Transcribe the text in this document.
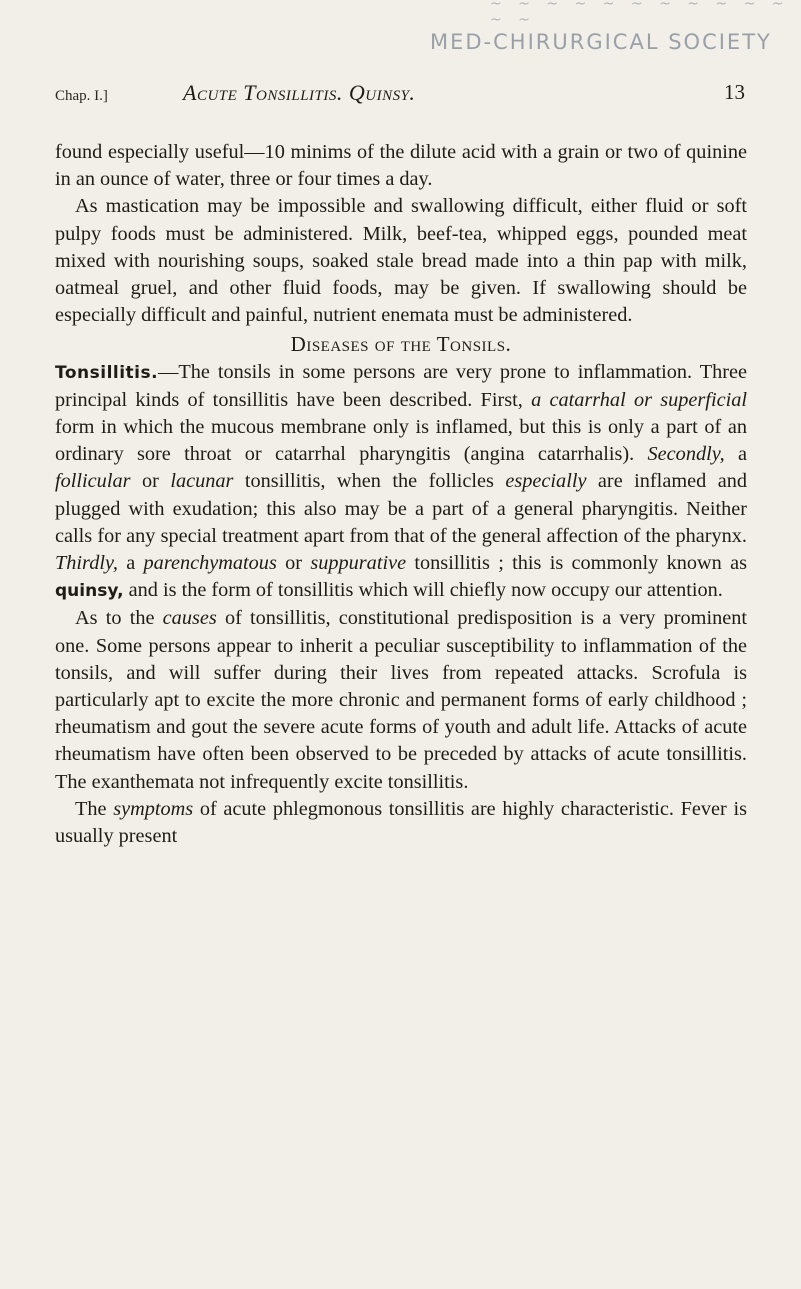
~ ~ ~ ~ ~ ~ ~ ~ ~ ~ ~ ~ ~
MED-CHIRURGICAL SOCIETY
Chap. I.]	Acute Tonsillitis. Quinsy.	13

found especially useful—10 minims of the dilute acid with a grain or two of quinine in an ounce of water, three or four times a day.

As mastication may be impossible and swallowing difficult, either fluid or soft pulpy foods must be administered. Milk, beef-tea, whipped eggs, pounded meat mixed with nourishing soups, soaked stale bread made into a thin pap with milk, oatmeal gruel, and other fluid foods, may be given. If swallowing should be especially difficult and painful, nutrient enemata must be administered.

Diseases of the Tonsils.

Tonsillitis.—The tonsils in some persons are very prone to inflammation. Three principal kinds of tonsillitis have been described. First, a catarrhal or superficial form in which the mucous membrane only is inflamed, but this is only a part of an ordinary sore throat or catarrhal pharyngitis (angina catarrhalis). Secondly, a follicular or lacunar tonsillitis, when the follicles especially are inflamed and plugged with exudation; this also may be a part of a general pharyngitis. Neither calls for any special treatment apart from that of the general affection of the pharynx. Thirdly, a parenchymatous or suppurative tonsillitis ; this is commonly known as quinsy, and is the form of tonsillitis which will chiefly now occupy our attention.

As to the causes of tonsillitis, constitutional predisposition is a very prominent one. Some persons appear to inherit a peculiar susceptibility to inflammation of the tonsils, and will suffer during their lives from repeated attacks. Scrofula is particularly apt to excite the more chronic and permanent forms of early childhood ; rheumatism and gout the severe acute forms of youth and adult life. Attacks of acute rheumatism have often been observed to be preceded by attacks of acute tonsillitis. The exanthemata not infrequently excite tonsillitis.

The symptoms of acute phlegmonous tonsillitis are highly characteristic. Fever is usually present
